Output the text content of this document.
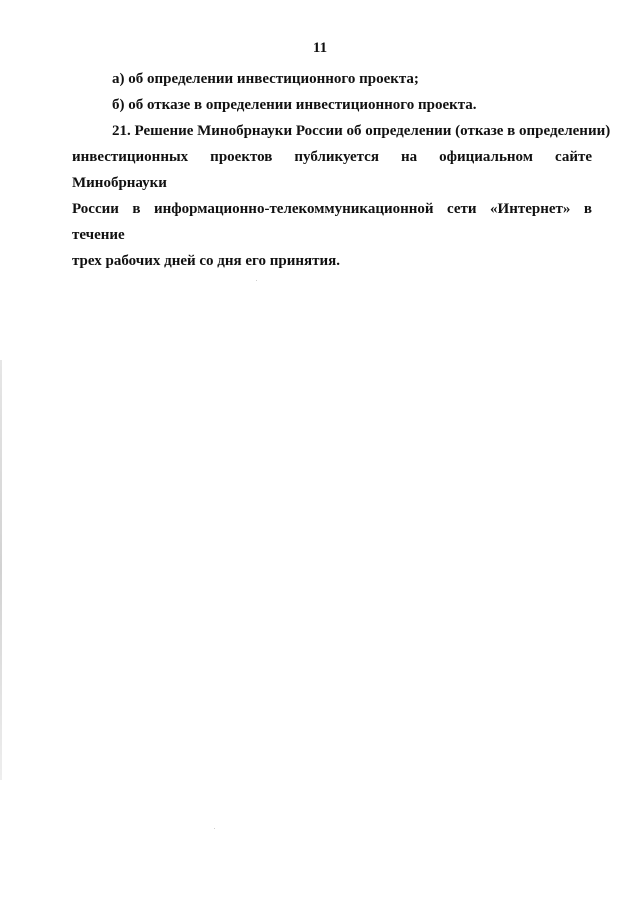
11
а) об определении инвестиционного проекта;
б) об отказе в определении инвестиционного проекта.
21. Решение Минобрнауки России об определении (отказе в определении)
инвестиционных проектов публикуется на официальном сайте Минобрнауки
России в информационно-телекоммуникационной сети «Интернет» в течение
трех рабочих дней со дня его принятия.
